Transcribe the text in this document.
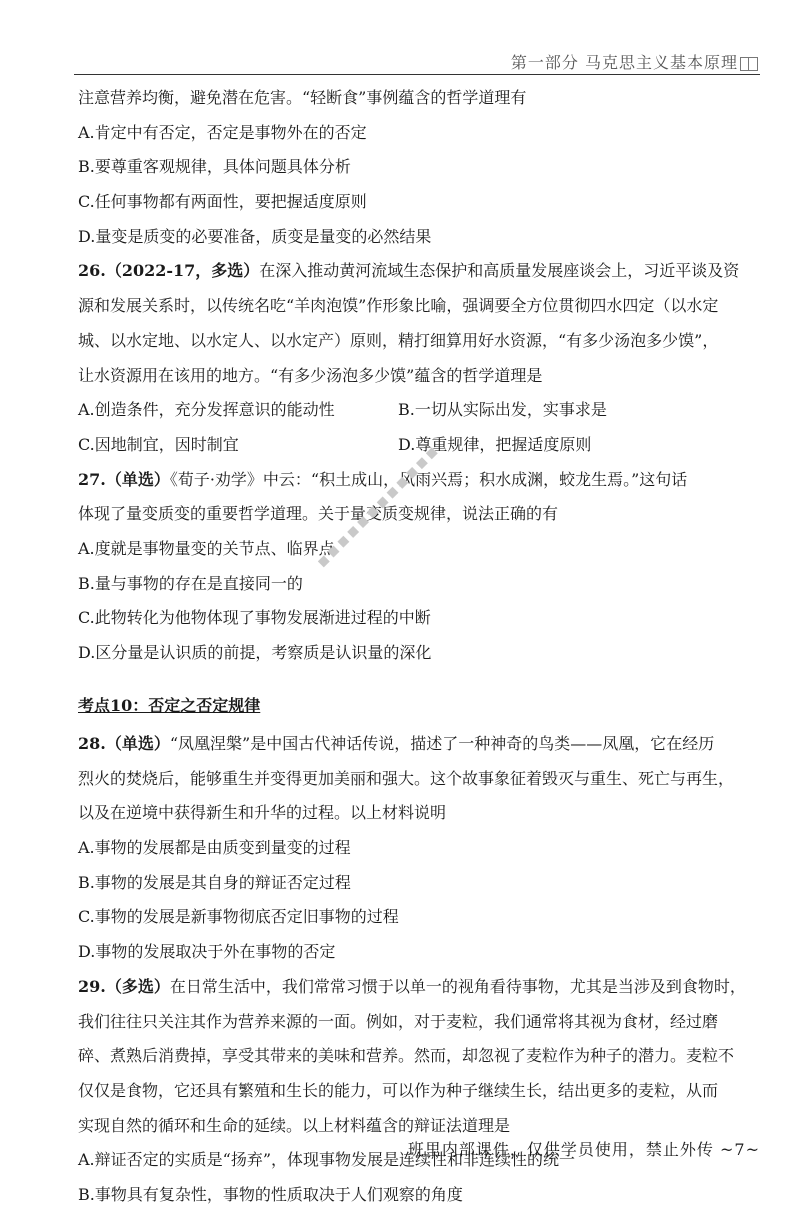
第一部分 马克思主义基本原理
注意营养均衡，避免潜在危害。“轻断食”事例蕴含的哲学道理有
A.肯定中有否定，否定是事物外在的否定
B.要尊重客观规律，具体问题具体分析
C.任何事物都有两面性，要把握适度原则
D.量变是质变的必要准备，质变是量变的必然结果
26.（2022-17，多选）在深入推动黄河流域生态保护和高质量发展座谈会上，习近平谈及资
源和发展关系时，以传统名吃“羊肉泡馍”作形象比喻，强调要全方位贯彻四水四定（以水定
城、以水定地、以水定人、以水定产）原则，精打细算用好水资源，“有多少汤泡多少馍”，
让水资源用在该用的地方。“有多少汤泡多少馍”蕴含的哲学道理是
A.创造条件，充分发挥意识的能动性	B.一切从实际出发，实事求是
C.因地制宜，因时制宜	D.尊重规律，把握适度原则
27.（单选）《荀子·劝学》中云：“积土成山，风雨兴焉；积水成渊，蛟龙生焉。”这句话
体现了量变质变的重要哲学道理。关于量变质变规律，说法正确的有
A.度就是事物量变的关节点、临界点
B.量与事物的存在是直接同一的
C.此物转化为他物体现了事物发展渐进过程的中断
D.区分量是认识质的前提，考察质是认识量的深化
考点10：否定之否定规律
28.（单选）“凤凰涅槃”是中国古代神话传说，描述了一种神奇的鸟类——凤凰，它在经历
烈火的焚烧后，能够重生并变得更加美丽和强大。这个故事象征着毁灭与重生、死亡与再生，
以及在逆境中获得新生和升华的过程。以上材料说明
A.事物的发展都是由质变到量变的过程
B.事物的发展是其自身的辩证否定过程
C.事物的发展是新事物彻底否定旧事物的过程
D.事物的发展取决于外在事物的否定
29.（多选）在日常生活中，我们常常习惯于以单一的视角看待事物，尤其是当涉及到食物时，
我们往往只关注其作为营养来源的一面。例如，对于麦粒，我们通常将其视为食材，经过磨
碎、煮熟后消费掉，享受其带来的美味和营养。然而，却忽视了麦粒作为种子的潜力。麦粒不
仅仅是食物，它还具有繁殖和生长的能力，可以作为种子继续生长，结出更多的麦粒，从而
实现自然的循环和生命的延续。以上材料蕴含的辩证法道理是
A.辩证否定的实质是“扬弃”，体现事物发展是连续性和非连续性的统一
B.事物具有复杂性，事物的性质取决于人们观察的角度
■ ■ ■ ■ ■ ■ ■ ■ ■ ■ ■ ■
班里内部课件，仅供学员使用，禁止外传 ~7~
